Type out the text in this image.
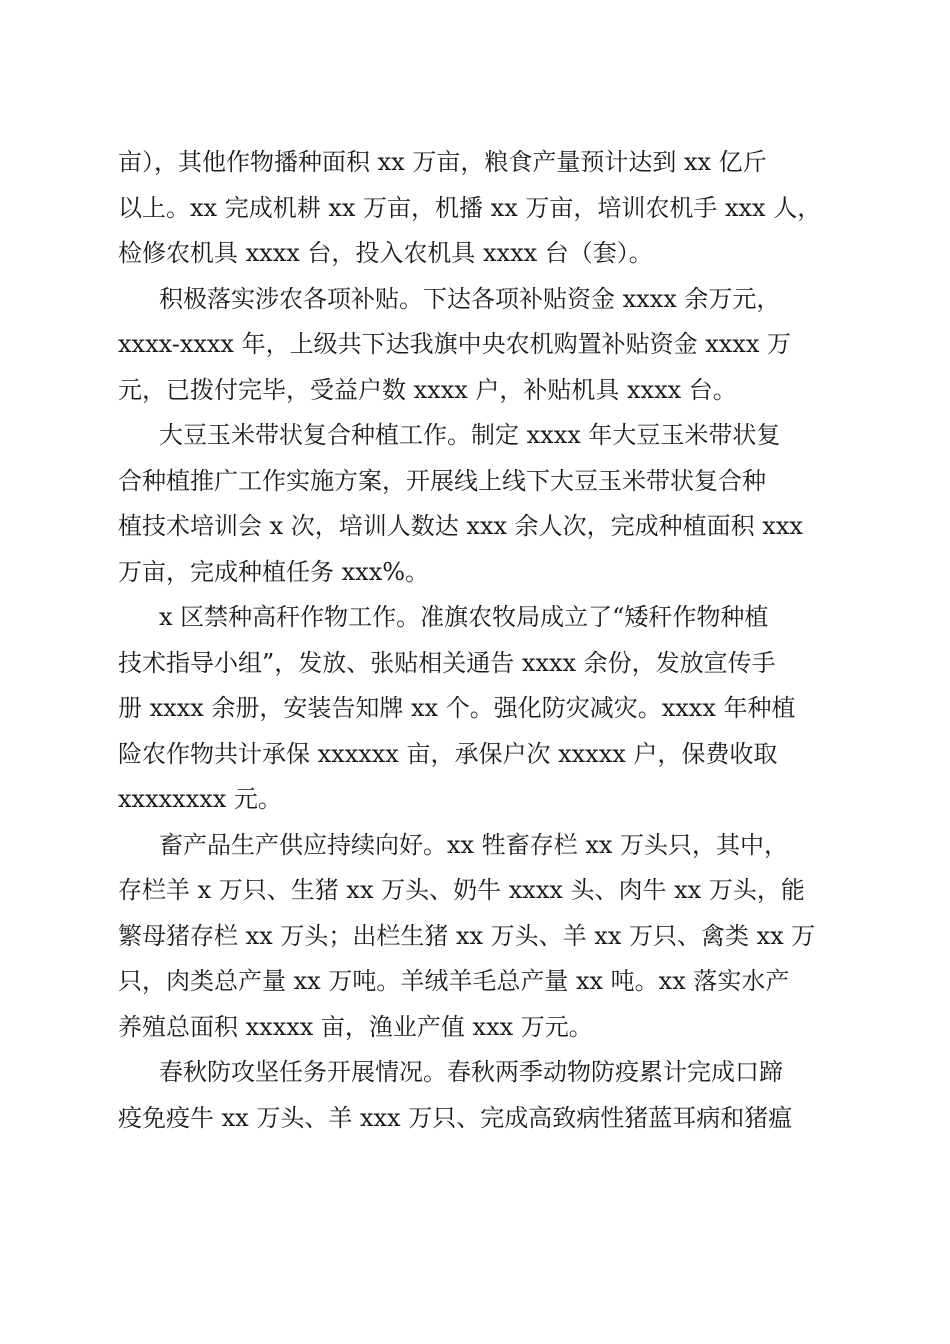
亩），其他作物播种面积 xx 万亩，粮食产量预计达到 xx 亿斤
以上。xx 完成机耕 xx 万亩，机播 xx 万亩，培训农机手 xxx 人，
检修农机具 xxxx 台，投入农机具 xxxx 台（套）。
积极落实涉农各项补贴。下达各项补贴资金 xxxx 余万元，
xxxx-xxxx 年，上级共下达我旗中央农机购置补贴资金 xxxx 万
元，已拨付完毕，受益户数 xxxx 户，补贴机具 xxxx 台。
大豆玉米带状复合种植工作。制定 xxxx 年大豆玉米带状复
合种植推广工作实施方案，开展线上线下大豆玉米带状复合种
植技术培训会 x 次，培训人数达 xxx 余人次，完成种植面积 xxx
万亩，完成种植任务 xxx%。
x 区禁种高秆作物工作。准旗农牧局成立了“矮秆作物种植
技术指导小组”，发放、张贴相关通告 xxxx 余份，发放宣传手
册 xxxx 余册，安装告知牌 xx 个。强化防灾减灾。xxxx 年种植
险农作物共计承保 xxxxxx 亩，承保户次 xxxxx 户，保费收取
xxxxxxxx 元。
畜产品生产供应持续向好。xx 牲畜存栏 xx 万头只，其中，
存栏羊 x 万只、生猪 xx 万头、奶牛 xxxx 头、肉牛 xx 万头，能
繁母猪存栏 xx 万头；出栏生猪 xx 万头、羊 xx 万只、禽类 xx 万
只，肉类总产量 xx 万吨。羊绒羊毛总产量 xx 吨。xx 落实水产
养殖总面积 xxxxx 亩，渔业产值 xxx 万元。
春秋防攻坚任务开展情况。春秋两季动物防疫累计完成口蹄
疫免疫牛 xx 万头、羊 xxx 万只、完成高致病性猪蓝耳病和猪瘟
